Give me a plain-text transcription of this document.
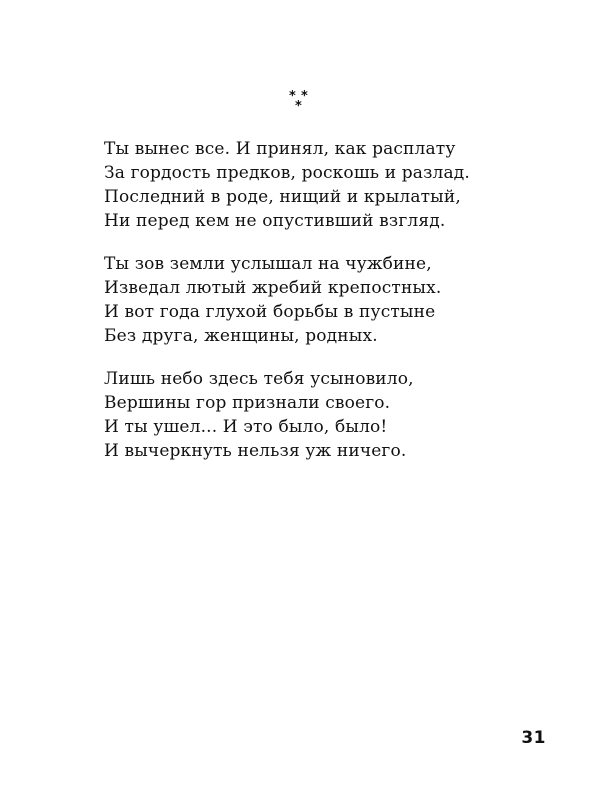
* *
*
Ты вынес все. И принял, как расплату
За гордость предков, роскошь и разлад.
Последний в роде, нищий и крылатый,
Ни перед кем не опустивший взгляд.
Ты зов земли услышал на чужбине,
Изведал лютый жребий крепостных.
И вот года глухой борьбы в пустыне
Без друга, женщины, родных.
Лишь небо здесь тебя усыновило,
Вершины гор признали своего.
И ты ушел... И это было, было!
И вычеркнуть нельзя уж ничего.
31
